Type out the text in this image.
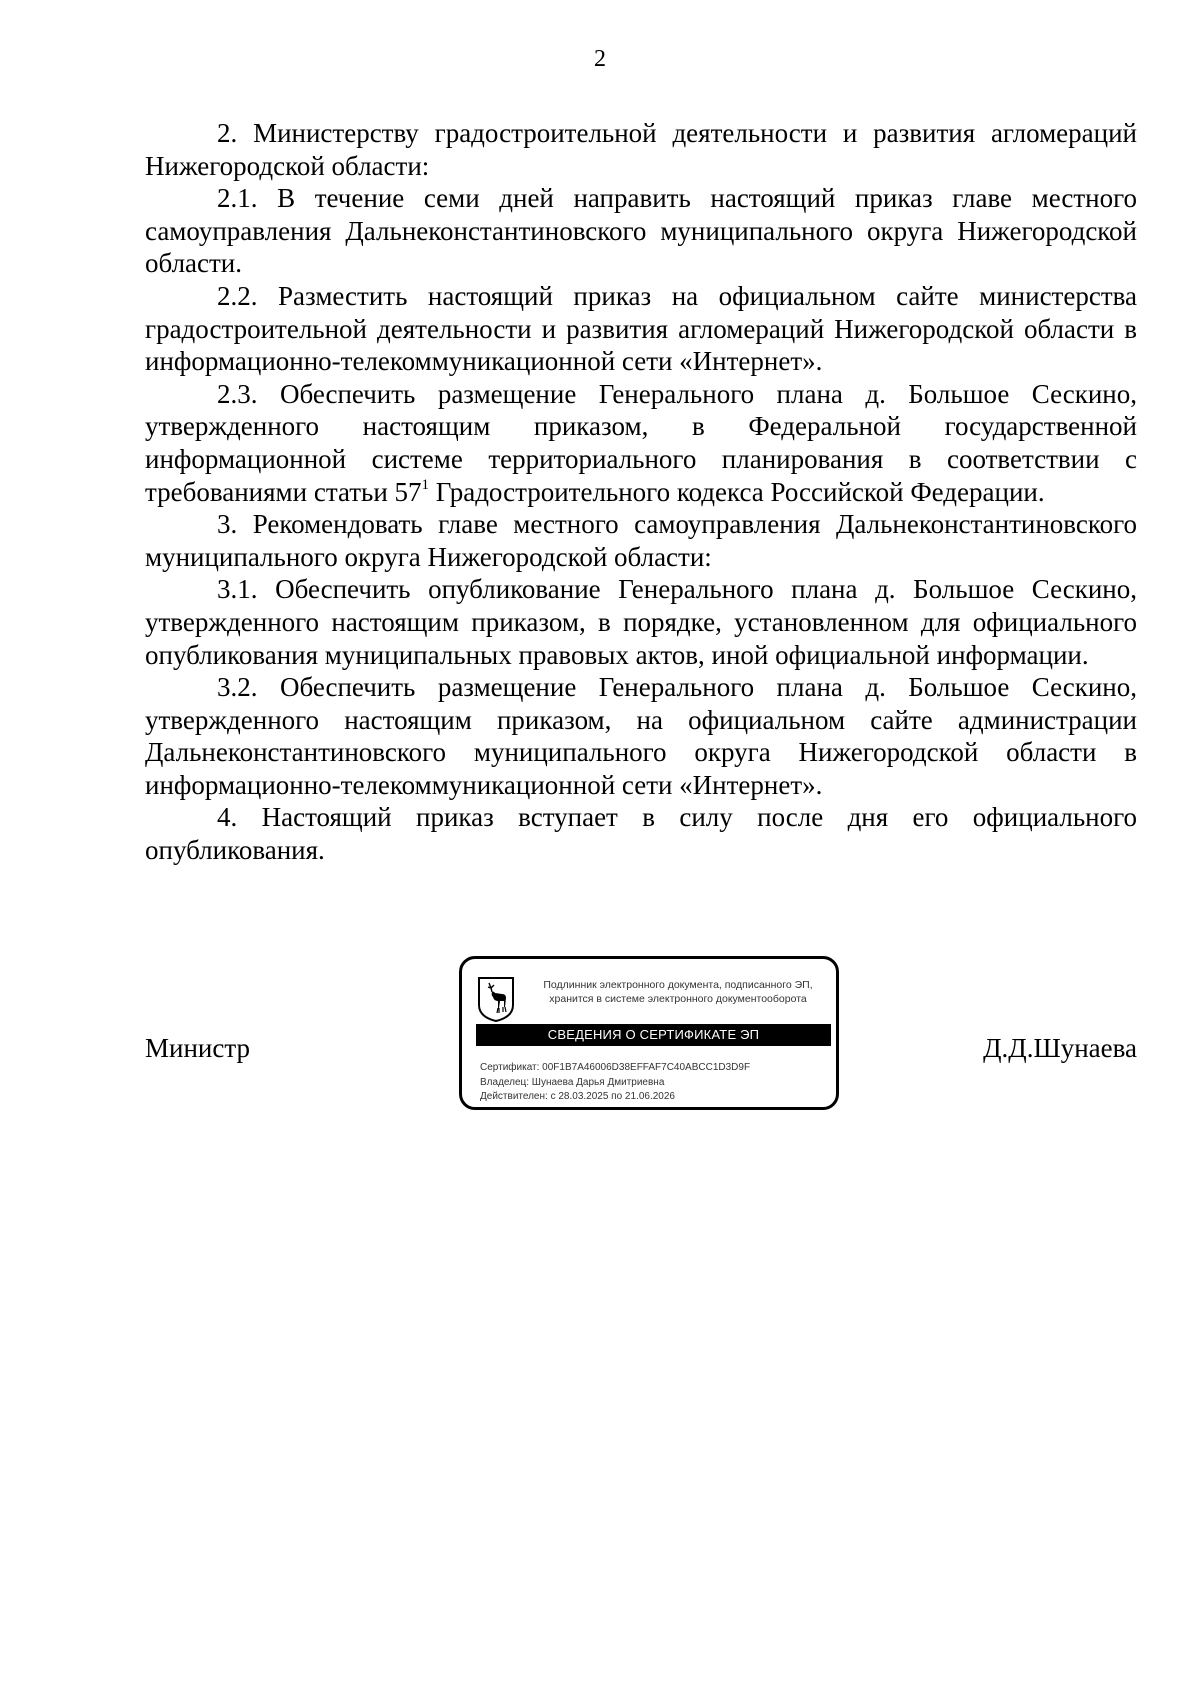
2

2. Министерству градостроительной деятельности и развития агломераций Нижегородской области:

2.1. В течение семи дней направить настоящий приказ главе местного самоуправления Дальнеконстантиновского муниципального округа Нижегородской области.

2.2. Разместить настоящий приказ на официальном сайте министерства градостроительной деятельности и развития агломераций Нижегородской области в информационно-телекоммуникационной сети «Интернет».

2.3. Обеспечить размещение Генерального плана д. Большое Сескино, утвержденного настоящим приказом, в Федеральной государственной информационной системе территориального планирования в соответствии с требованиями статьи $57^1$ Градостроительного кодекса Российской Федерации.

3. Рекомендовать главе местного самоуправления Дальнеконстантиновского муниципального округа Нижегородской области:

3.1. Обеспечить опубликование Генерального плана д. Большое Сескино, утвержденного настоящим приказом, в порядке, установленном для официального опубликования муниципальных правовых актов, иной официальной информации.

3.2. Обеспечить размещение Генерального плана д. Большое Сескино, утвержденного настоящим приказом, на официальном сайте администрации Дальнеконстантиновского муниципального округа Нижегородской области в информационно-телекоммуникационной сети «Интернет».

4. Настоящий приказ вступает в силу после дня его официального опубликования.

Министр	Д.Д.Шунаева
Подлинник электронного документа, подписанного ЭП,
хранится в системе электронного документооборота
СВЕДЕНИЯ О СЕРТИФИКАТЕ ЭП
Сертификат: 00F1B7A46006D38EFFAF7C40ABCC1D3D9F
Владелец: Шунаева Дарья Дмитриевна
Действителен: с 28.03.2025 по 21.06.2026
